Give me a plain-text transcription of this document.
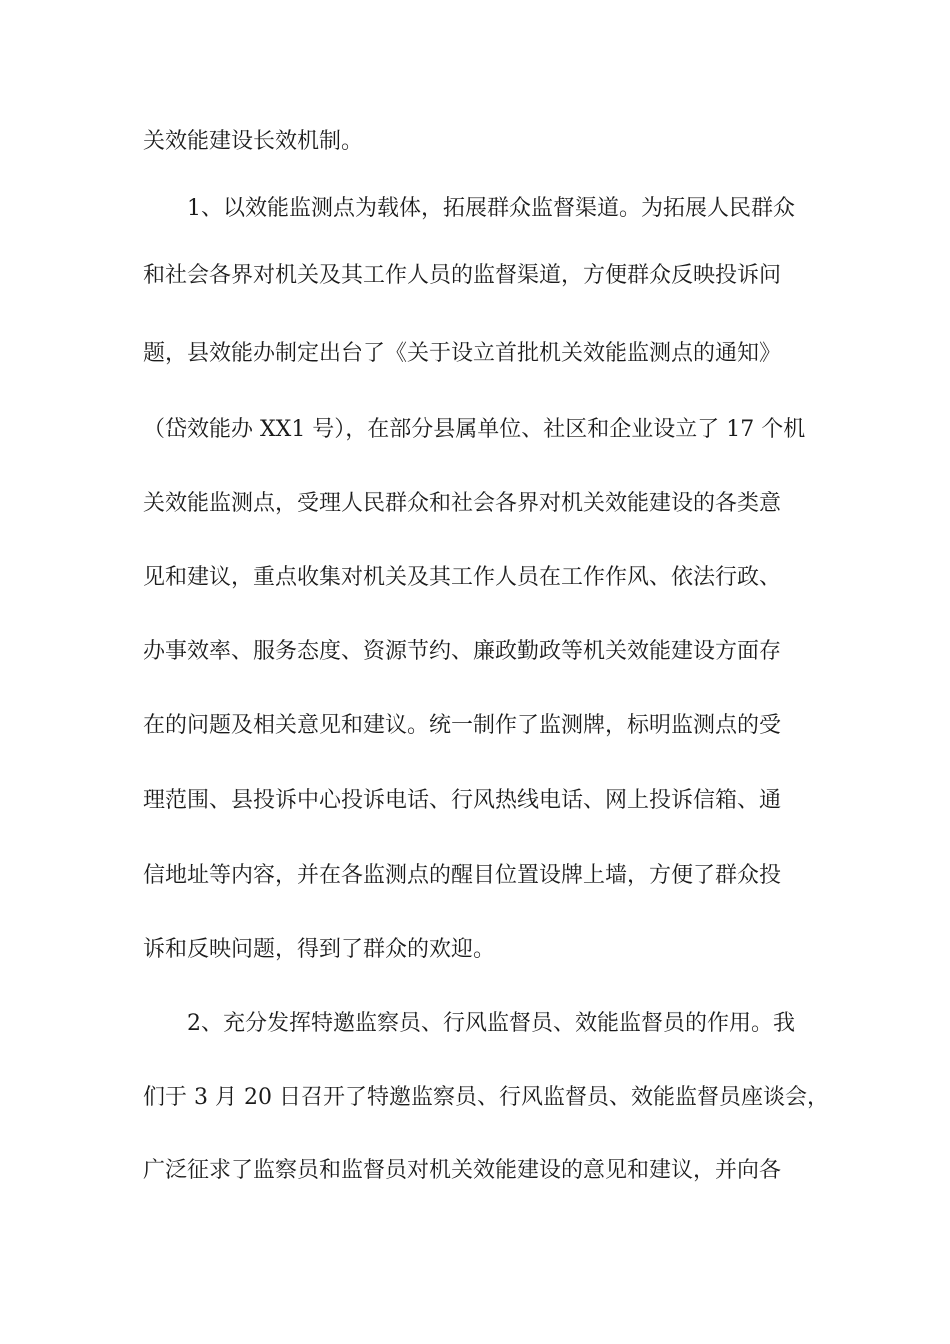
关效能建设长效机制。
1、以效能监测点为载体，拓展群众监督渠道。为拓展人民群众
和社会各界对机关及其工作人员的监督渠道，方便群众反映投诉问
题，县效能办制定出台了《关于设立首批机关效能监测点的通知》
（岱效能办 XX1 号），在部分县属单位、社区和企业设立了 17 个机
关效能监测点，受理人民群众和社会各界对机关效能建设的各类意
见和建议，重点收集对机关及其工作人员在工作作风、依法行政、
办事效率、服务态度、资源节约、廉政勤政等机关效能建设方面存
在的问题及相关意见和建议。统一制作了监测牌，标明监测点的受
理范围、县投诉中心投诉电话、行风热线电话、网上投诉信箱、通
信地址等内容，并在各监测点的醒目位置设牌上墙，方便了群众投
诉和反映问题，得到了群众的欢迎。
2、充分发挥特邀监察员、行风监督员、效能监督员的作用。我
们于 3 月 20 日召开了特邀监察员、行风监督员、效能监督员座谈会，
广泛征求了监察员和监督员对机关效能建设的意见和建议，并向各
